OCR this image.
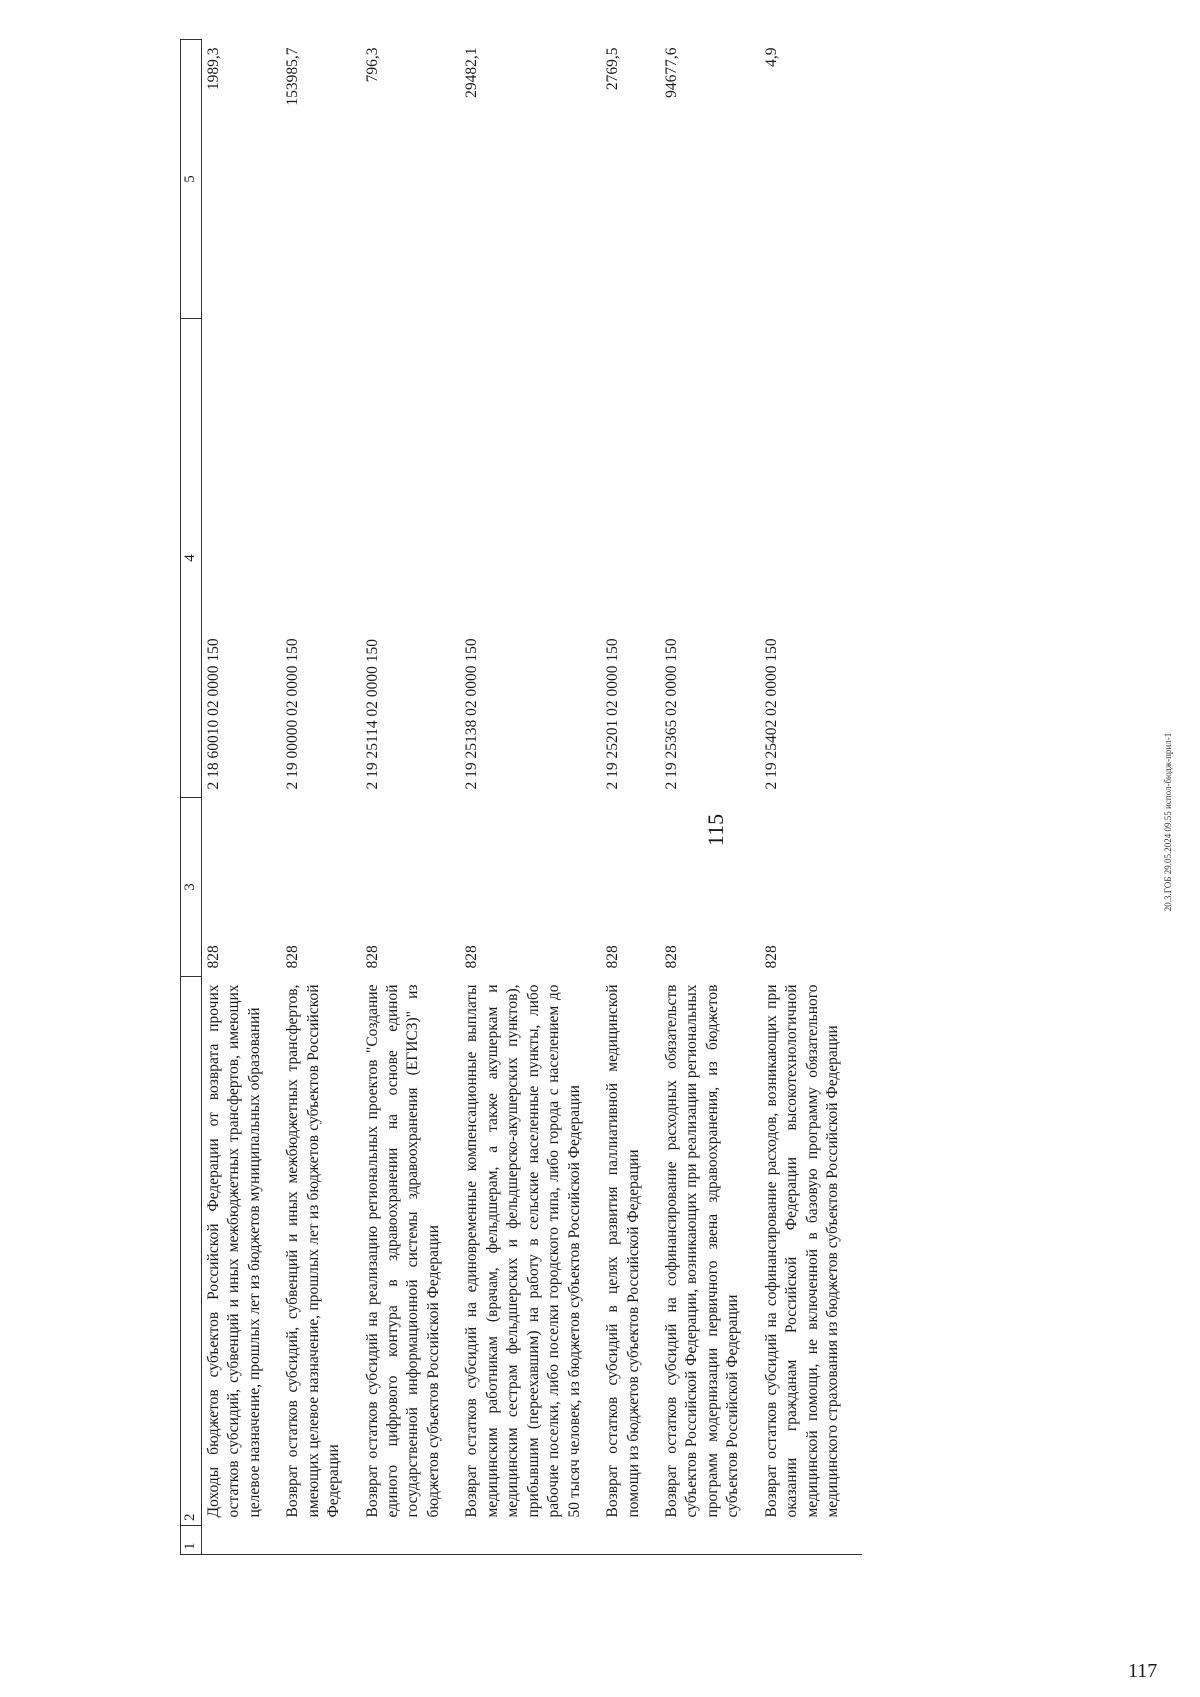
115
1	2	3	4	5
	Доходы бюджетов субъектов Российской Федерации от возврата прочих остатков субсидий, субвенций и иных межбюджетных трансфертов, имеющих целевое назначение, прошлых лет из бюджетов муниципальных образований	828	2 18 60010 02 0000 150	1989,3
	Возврат остатков субсидий, субвенций и иных межбюджетных трансфертов, имеющих целевое назначение, прошлых лет из бюджетов субъектов Российской Федерации	828	2 19 00000 02 0000 150	153985,7
	Возврат остатков субсидий на реализацию региональных проектов "Создание единого цифрового контура в здравоохранении на основе единой государственной информационной системы здравоохранения (ЕГИСЗ)" из бюджетов субъектов Российской Федерации	828	2 19 25114 02 0000 150	796,3
	Возврат остатков субсидий на единовременные компенсационные выплаты медицинским работникам (врачам, фельдшерам, а также акушеркам и медицинским сестрам фельдшерских и фельдшерско-акушерских пунктов), прибывшим (переехавшим) на работу в сельские населенные пункты, либо рабочие поселки, либо поселки городского типа, либо города с населением до 50 тысяч человек, из бюджетов субъектов Российской Федерации	828	2 19 25138 02 0000 150	29482,1
	Возврат остатков субсидий в целях развития паллиативной медицинской помощи из бюджетов субъектов Российской Федерации	828	2 19 25201 02 0000 150	2769,5
	Возврат остатков субсидий на софинансирование расходных обязательств субъектов Российской Федерации, возникающих при реализации региональных программ модернизации первичного звена здравоохранения, из бюджетов субъектов Российской Федерации	828	2 19 25365 02 0000 150	94677,6
	Возврат остатков субсидий на софинансирование расходов, возникающих при оказании гражданам Российской Федерации высокотехнологичной медицинской помощи, не включенной в базовую программу обязательного медицинского страхования из бюджетов субъектов Российской Федерации	828	2 19 25402 02 0000 150	4,9
20.3.ГОБ 29.05.2024 09.55 испол-бюдж-прил-1
117
